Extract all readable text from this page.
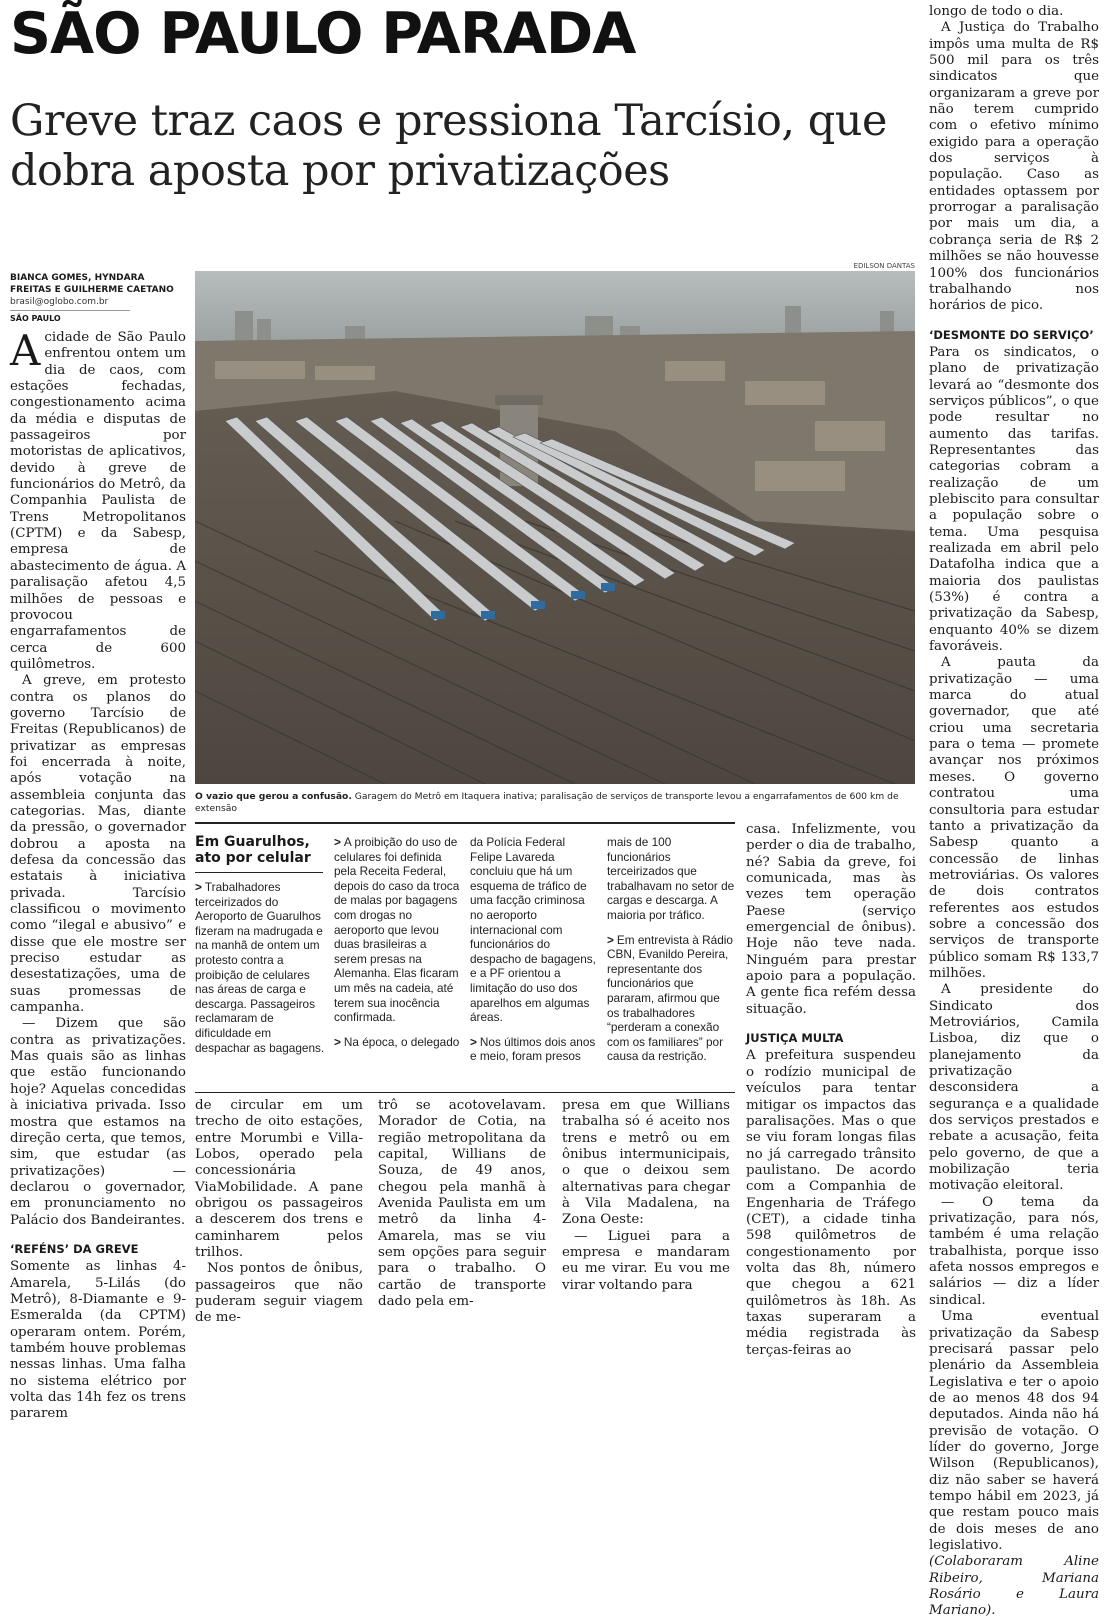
SÃO PAULO PARADA
Greve traz caos e pressiona Tarcísio, que dobra aposta por privatizações
BIANCA GOMES, HYNDARA FREITAS E GUILHERME CAETANO
brasil@oglobo.com.br
SÃO PAULO

Acidade de São Paulo enfrentou ontem um dia de caos, com estações fechadas, congestionamento acima da média e disputas de passageiros por motoristas de aplicativos, devido à greve de funcionários do Metrô, da Companhia Paulista de Trens Metropolitanos (CPTM) e da Sabesp, empresa de abastecimento de água. A paralisação afetou 4,5 milhões de pessoas e provocou engarrafamentos de cerca de 600 quilômetros.

A greve, em protesto contra os planos do governo Tarcísio de Freitas (Republicanos) de privatizar as empresas foi encerrada à noite, após votação na assembleia conjunta das categorias. Mas, diante da pressão, o governador dobrou a aposta na defesa da concessão das estatais à iniciativa privada. Tarcísio classificou o movimento como “ilegal e abusivo” e disse que ele mostre ser preciso estudar as desestatizações, uma de suas promessas de campanha.

— Dizem que são contra as privatizações. Mas quais são as linhas que estão funcionando hoje? Aquelas concedidas à iniciativa privada. Isso mostra que estamos na direção certa, que temos, sim, que estudar (as privatizações) — declarou o governador, em pronunciamento no Palácio dos Bandeirantes.

‘REFÉNS’ DA GREVE

Somente as linhas 4-Amarela, 5-Lilás (do Metrô), 8-Diamante e 9-Esmeralda (da CPTM) operaram ontem. Porém, também houve problemas nessas linhas. Uma falha no sistema elétrico por volta das 14h fez os trens pararem

EDILSON DANTAS
O vazio que gerou a confusão. Garagem do Metrô em Itaquera inativa; paralisação de serviços de transporte levou a engarrafamentos de 600 km de extensão
Em Guarulhos, ato por celular

> Trabalhadores terceirizados do Aeroporto de Guarulhos fizeram na madrugada e na manhã de ontem um protesto contra a proibição de celulares nas áreas de carga e descarga. Passageiros reclamaram de dificuldade em despachar as bagagens.

> A proibição do uso de celulares foi definida pela Receita Federal, depois do caso da troca de malas por bagagens com drogas no aeroporto que levou duas brasileiras a serem presas na Alemanha. Elas ficaram um mês na cadeia, até terem sua inocência confirmada.

> Na época, o delegado

da Polícia Federal Felipe Lavareda concluiu que há um esquema de tráfico de uma facção criminosa no aeroporto internacional com funcionários do despacho de bagagens, e a PF orientou a limitação do uso dos aparelhos em algumas áreas.

> Nos últimos dois anos e meio, foram presos

mais de 100 funcionários terceirizados que trabalhavam no setor de cargas e descarga. A maioria por tráfico.

> Em entrevista à Rádio CBN, Evanildo Pereira, representante dos funcionários que pararam, afirmou que os trabalhadores “perderam a conexão com os familiares” por causa da restrição.

de circular em um trecho de oito estações, entre Morumbi e Villa-Lobos, operado pela concessionária ViaMobilidade. A pane obrigou os passageiros a descerem dos trens e caminharem pelos trilhos.

Nos pontos de ônibus, passageiros que não puderam seguir viagem de me-

trô se acotovelavam. Morador de Cotia, na região metropolitana da capital, Willians de Souza, de 49 anos, chegou pela manhã à Avenida Paulista em um metrô da linha 4-Amarela, mas se viu sem opções para seguir para o trabalho. O cartão de transporte dado pela em-

presa em que Willians trabalha só é aceito nos trens e metrô ou em ônibus intermunicipais, o que o deixou sem alternativas para chegar à Vila Madalena, na Zona Oeste:

— Liguei para a empresa e mandaram eu me virar. Eu vou me virar voltando para

casa. Infelizmente, vou perder o dia de trabalho, né? Sabia da greve, foi comunicada, mas às vezes tem operação Paese (serviço emergencial de ônibus). Hoje não teve nada. Ninguém para prestar apoio para a população. A gente fica refém dessa situação.

JUSTIÇA MULTA

A prefeitura suspendeu o rodízio municipal de veículos para tentar mitigar os impactos das paralisações. Mas o que se viu foram longas filas no já carregado trânsito paulistano. De acordo com a Companhia de Engenharia de Tráfego (CET), a cidade tinha 598 quilômetros de congestionamento por volta das 8h, número que chegou a 621 quilômetros às 18h. As taxas superaram a média registrada às terças-feiras ao

longo de todo o dia.

A Justiça do Trabalho impôs uma multa de R$ 500 mil para os três sindicatos que organizaram a greve por não terem cumprido com o efetivo mínimo exigido para a operação dos serviços à população. Caso as entidades optassem por prorrogar a paralisação por mais um dia, a cobrança seria de R$ 2 milhões se não houvesse 100% dos funcionários trabalhando nos horários de pico.

‘DESMONTE DO SERVIÇO’

Para os sindicatos, o plano de privatização levará ao “desmonte dos serviços públicos”, o que pode resultar no aumento das tarifas. Representantes das categorias cobram a realização de um plebiscito para consultar a população sobre o tema. Uma pesquisa realizada em abril pelo Datafolha indica que a maioria dos paulistas (53%) é contra a privatização da Sabesp, enquanto 40% se dizem favoráveis.

A pauta da privatização — uma marca do atual governador, que até criou uma secretaria para o tema — promete avançar nos próximos meses. O governo contratou uma consultoria para estudar tanto a privatização da Sabesp quanto a concessão de linhas metroviárias. Os valores de dois contratos referentes aos estudos sobre a concessão dos serviços de transporte público somam R$ 133,7 milhões.

A presidente do Sindicato dos Metroviários, Camila Lisboa, diz que o planejamento da privatização desconsidera a segurança e a qualidade dos serviços prestados e rebate a acusação, feita pelo governo, de que a mobilização teria motivação eleitoral.

— O tema da privatização, para nós, também é uma relação trabalhista, porque isso afeta nossos empregos e salários — diz a líder sindical.

Uma eventual privatização da Sabesp precisará passar pelo plenário da Assembleia Legislativa e ter o apoio de ao menos 48 dos 94 deputados. Ainda não há previsão de votação. O líder do governo, Jorge Wilson (Republicanos), diz não saber se haverá tempo hábil em 2023, já que restam pouco mais de dois meses de ano legislativo. (Colaboraram Aline Ribeiro, Mariana Rosário e Laura Mariano).
